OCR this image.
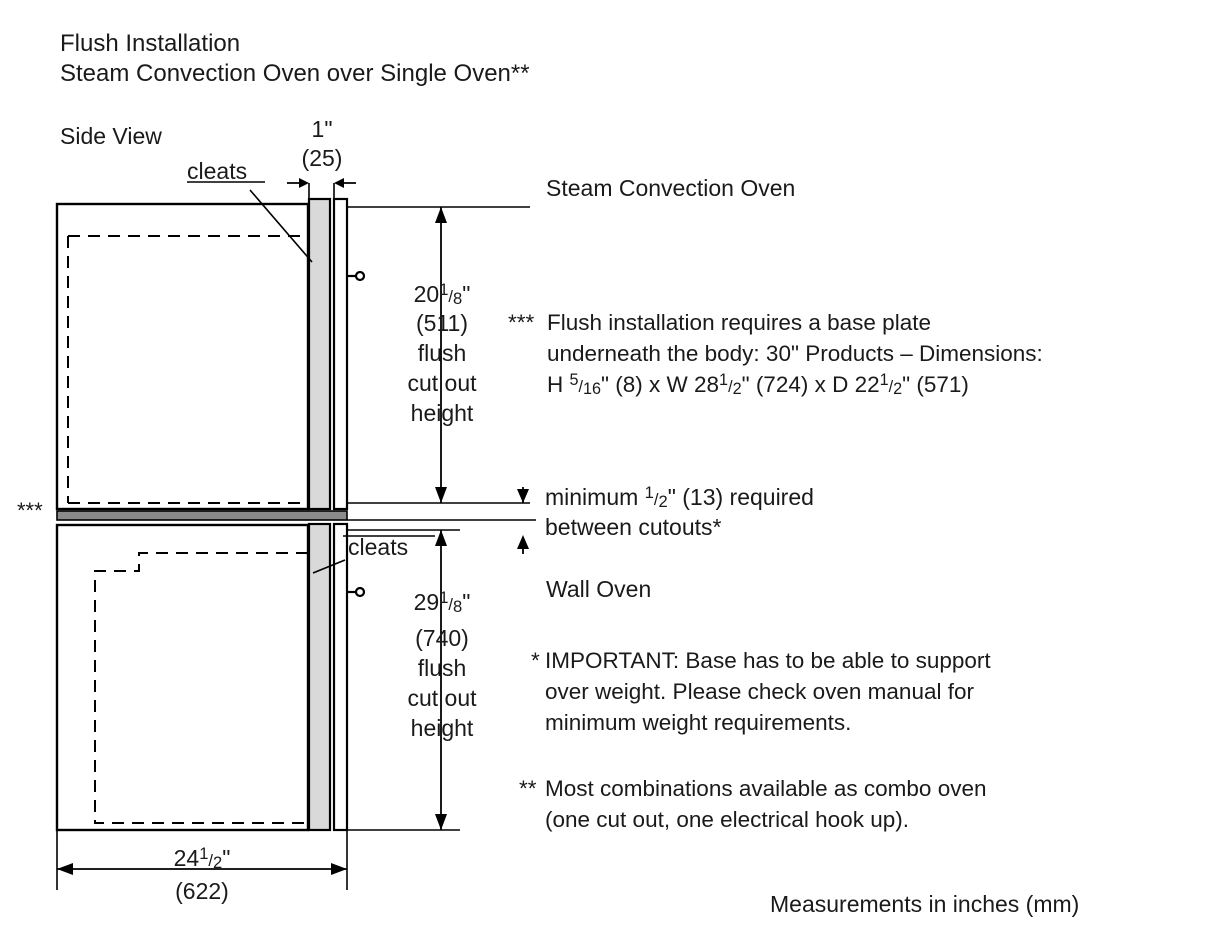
Flush Installation
Steam Convection Oven over Single Oven**
Side View
cleats
1"
(25)
Steam Convection Oven
201/8"
(511)
flush
cut out
height
*** Flush installation requires a base plate
underneath the body: 30" Products – Dimensions:
H 5/16" (8) x W 281/2" (724) x D 221/2" (571)
***
minimum 1/2" (13) required
between cutouts*
cleats
Wall Oven
291/8"
(740)
flush
cut out
height
* IMPORTANT: Base has to be able to support
over weight. Please check oven manual for
minimum weight requirements.
** Most combinations available as combo oven
(one cut out, one electrical hook up).
241/2"
(622)	Measurements in inches (mm)
